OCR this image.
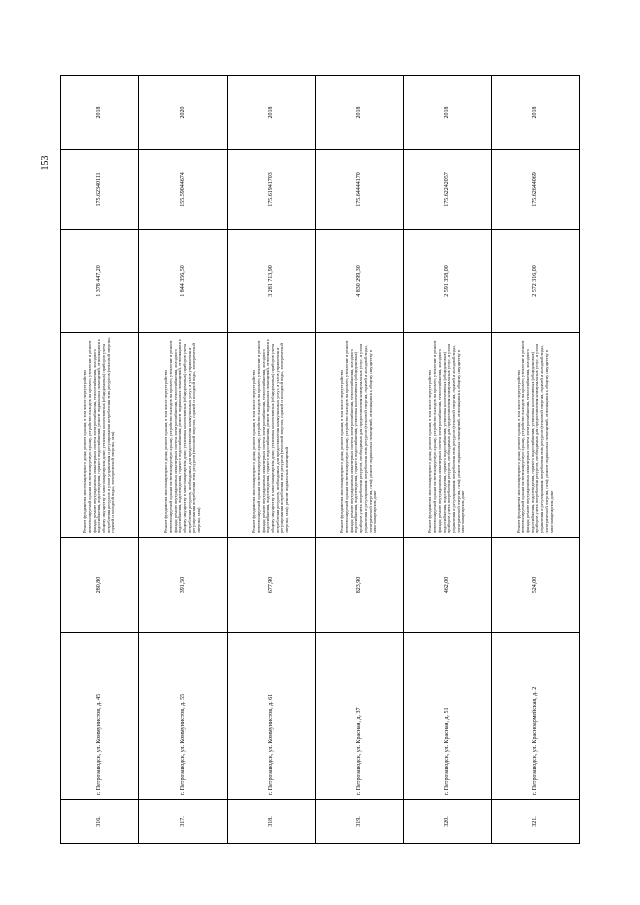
153
316.	г. Петрозаводск, ул. Коммунистов, д. 45	280,80	Ремонт фундамента многоквартирного дома; ремонт крыши, в том числе переустройство невентилируемой крыши на вентилируемую крышу, устройство выходов на кровлю; утепление и ремонт фасада; ремонт внутридомовых инженерных систем электроснабжения, теплоснабжения, холодного водоснабжения, водоотведения, горячего водоснабжения; ремонт подвальных помещений, относящихся к общему имуществу в многоквартирном доме; установка коллективных (общедомовых) приборов учета потребления ресурсов и узлов управления и регулирования потребления этих ресурсов (тепловой энергии, горячей и холодной воды, электрической энергии, газа)	1 378 447,20	175.62340111	2018
317.	г. Петрозаводск, ул. Коммунистов, д. 55	391,50	Ремонт фундамента многоквартирного дома; ремонт крыши, в том числе переустройство невентилируемой крыши на вентилируемую крышу, устройство выходов на кровлю; утепление и ремонт фасада; ремонт внутридомовых инженерных систем электроснабжения, теплоснабжения, холодного водоснабжения, водоотведения, горячего водоснабжения; ремонт подвальных помещений, относящихся к общему имуществу в многоквартирном доме; установка коллективных (общедомовых) приборов учета потребления ресурсов, необходимых для предоставления коммунальных услуг, и узлов управления и регулирования потребления этих ресурсов (тепловой энергии, горячей и холодной воды, электрической энергии, газа)	1 844 356,50	155.59044674	2020
318.	г. Петрозаводск, ул. Коммунистов, д. 61	677,90	Ремонт фундамента многоквартирного дома; ремонт крыши, в том числе переустройство невентилируемой крыши на вентилируемую крышу, устройство выходов на кровлю; утепление и ремонт фасада; ремонт внутридомовых инженерных систем электроснабжения, теплоснабжения, холодного водоснабжения, водоотведения, горячего водоснабжения; ремонт подвальных помещений, относящихся к общему имуществу в многоквартирном доме; установка коллективных (общедомовых) приборов учета потребления ресурсов, необходимых для предоставления коммунальных услуг, и узлов управления и регулирования потребления этих ресурсов (тепловой энергии, горячей и холодной воды, электрической энергии, газа); ремонт подвальных помещений	3 281 713,90	175.61941703	2018
319.	г. Петрозаводск, ул. Красная, д. 37	823,90	Ремонт фундамента многоквартирного дома; ремонт крыши, в том числе переустройство невентилируемой крыши на вентилируемую крышу, устройство выходов на кровлю; утепление и ремонт фасада; ремонт внутридомовых инженерных систем электроснабжения, теплоснабжения, холодного водоснабжения, водоотведения, горячего водоснабжения; установка коллективных (общедомовых) приборов учета потребления ресурсов, необходимых для предоставления коммунальных услуг, и узлов управления и регулирования потребления этих ресурсов (тепловой энергии, горячей и холодной воды, электрической энергии, газа); ремонт подвальных помещений, относящихся к общему имуществу в многоквартирном доме	4 830 299,30	175.64444170	2018
320.	г. Петрозаводск, ул. Красная, д. 51	462,00	Ремонт фундамента многоквартирного дома; ремонт крыши, в том числе переустройство невентилируемой крыши на вентилируемую крышу, устройство выходов на кровлю; утепление и ремонт фасада; ремонт внутридомовых инженерных систем электроснабжения, теплоснабжения, холодного водоснабжения, водоотведения, горячего водоснабжения; установка коллективных (общедомовых) приборов учета потребления ресурсов, необходимых для предоставления коммунальных услуг, и узлов управления и регулирования потребления этих ресурсов (тепловой энергии, горячей и холодной воды, электрической энергии, газа); ремонт подвальных помещений, относящихся к общему имуществу в многоквартирном доме	2 591 358,00	175.62242057	2018
321.	г. Петрозаводск, ул. Красноармейская, д. 2	524,00	Ремонт фундамента многоквартирного дома; ремонт крыши, в том числе переустройство невентилируемой крыши на вентилируемую крышу, устройство выходов на кровлю; утепление и ремонт фасада; ремонт внутридомовых инженерных систем электроснабжения, теплоснабжения, холодного водоснабжения, водоотведения, горячего водоснабжения; установка коллективных (общедомовых) приборов учета потребления ресурсов, необходимых для предоставления коммунальных услуг, и узлов управления и регулирования потребления этих ресурсов (тепловой энергии, горячей и холодной воды, электрической энергии, газа); ремонт подвальных помещений, относящихся к общему имуществу в многоквартирном доме	2 572 316,00	175.62644069	2018
